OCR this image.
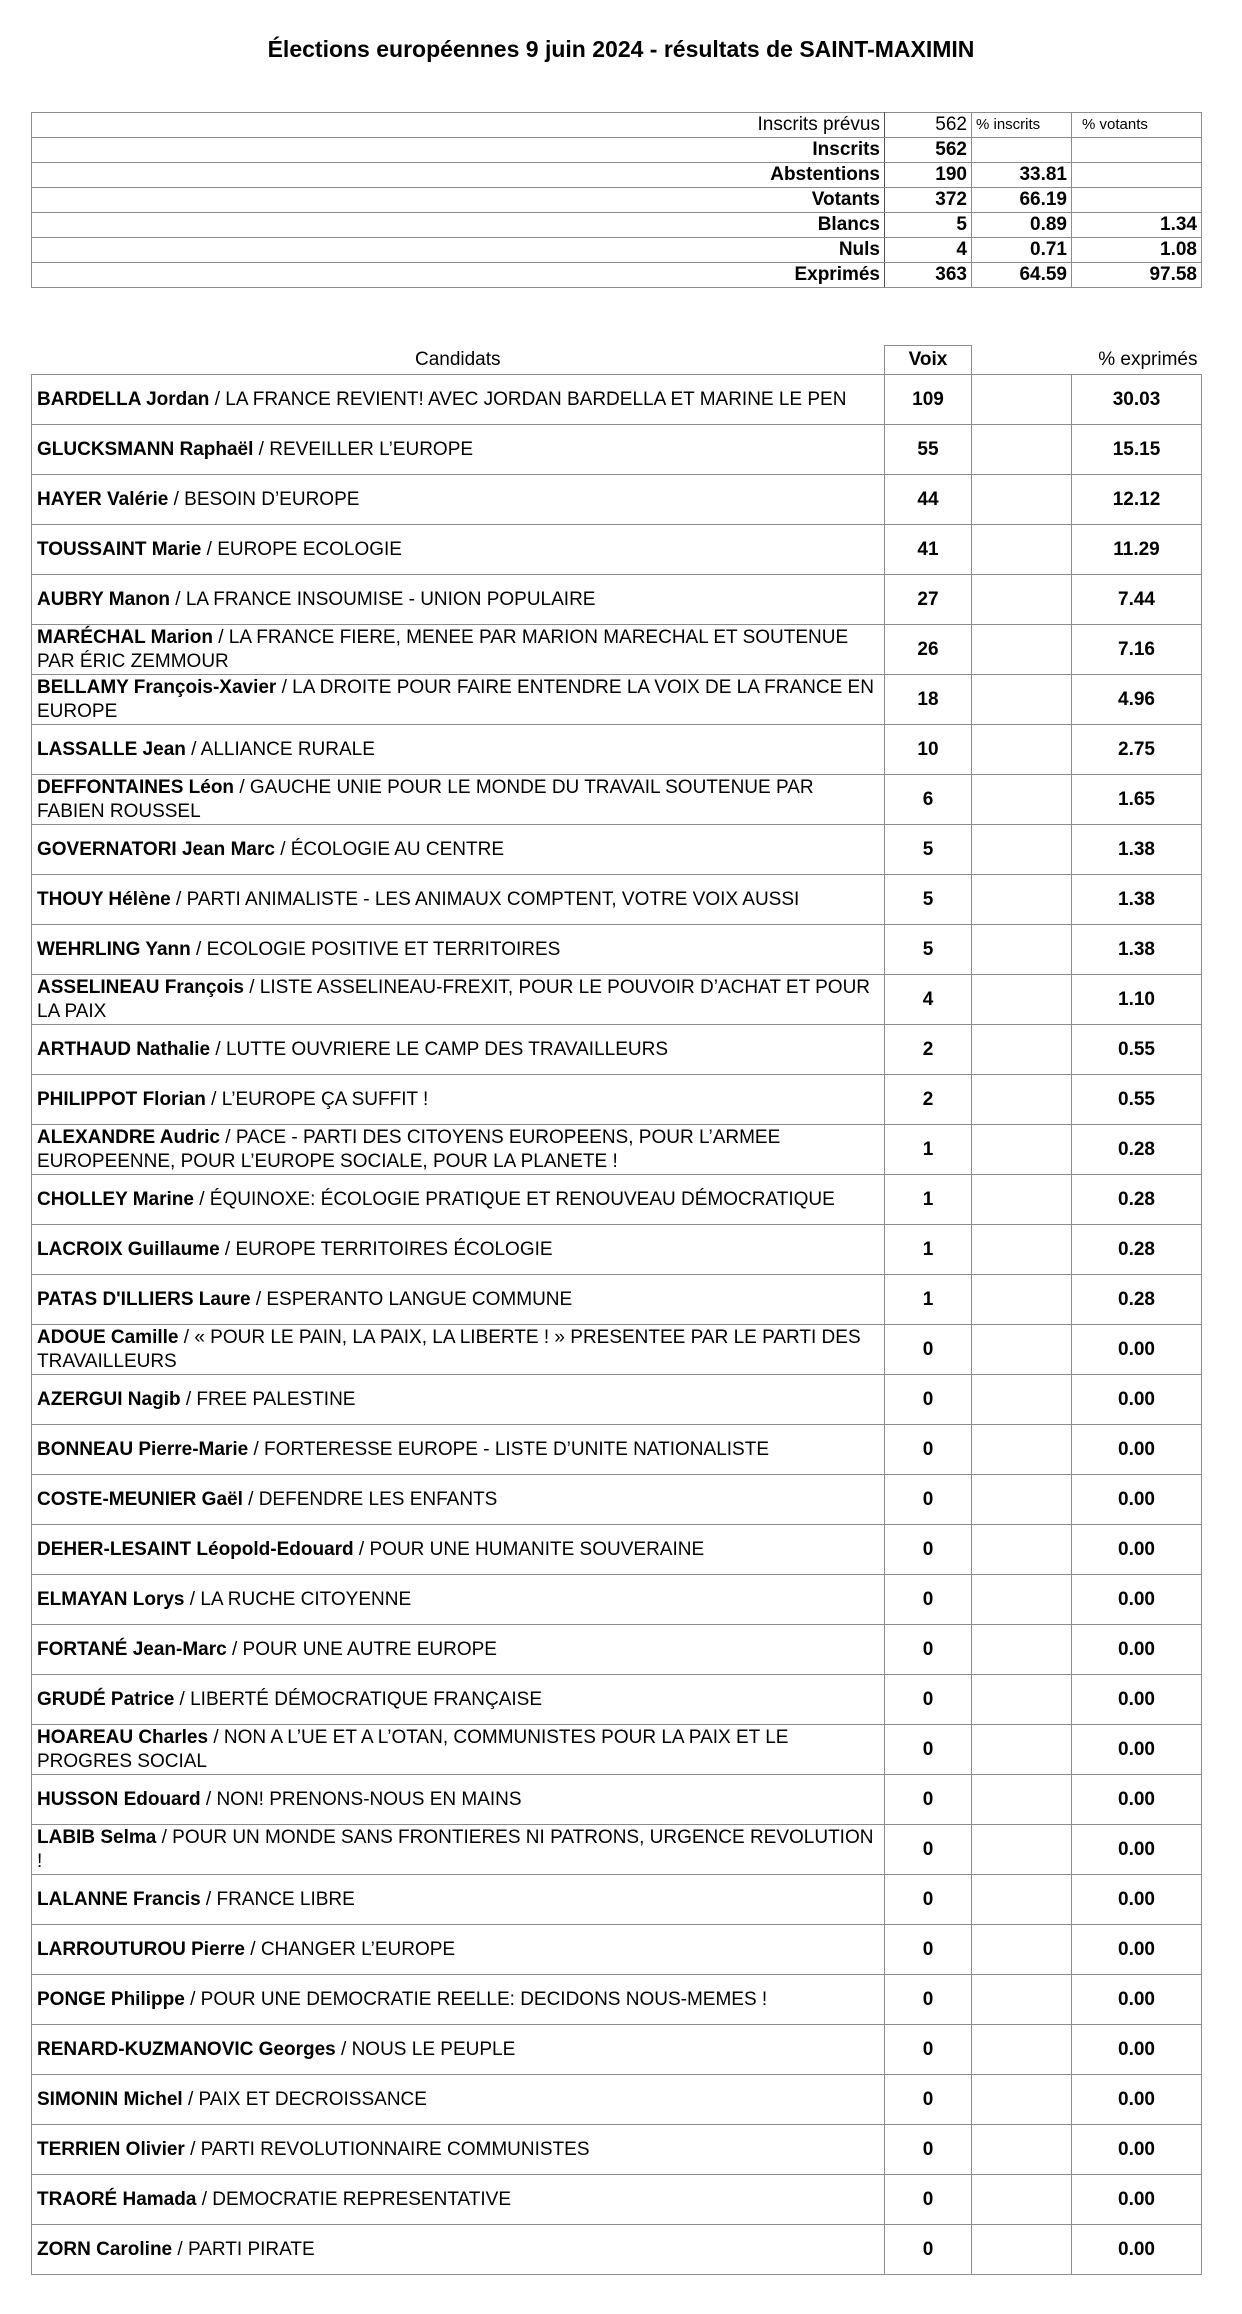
Élections européennes 9 juin 2024 - résultats de SAINT-MAXIMIN
Inscrits prévus	562	% inscrits	% votants
Inscrits	562		
Abstentions	190	33.81	
Votants	372	66.19	
Blancs	5	0.89	1.34
Nuls	4	0.71	1.08
Exprimés	363	64.59	97.58
Candidats	Voix		% exprimés
BARDELLA Jordan / LA FRANCE REVIENT! AVEC JORDAN BARDELLA ET MARINE LE PEN	109		30.03
GLUCKSMANN Raphaël / REVEILLER L’EUROPE	55		15.15
HAYER Valérie / BESOIN D’EUROPE	44		12.12
TOUSSAINT Marie / EUROPE ECOLOGIE	41		11.29
AUBRY Manon / LA FRANCE INSOUMISE - UNION POPULAIRE	27		7.44
MARÉCHAL Marion / LA FRANCE FIERE, MENEE PAR MARION MARECHAL ET SOUTENUE PAR ÉRIC ZEMMOUR	26		7.16
BELLAMY François-Xavier / LA DROITE POUR FAIRE ENTENDRE LA VOIX DE LA FRANCE EN EUROPE	18		4.96
LASSALLE Jean / ALLIANCE RURALE	10		2.75
DEFFONTAINES Léon / GAUCHE UNIE POUR LE MONDE DU TRAVAIL SOUTENUE PAR FABIEN ROUSSEL	6		1.65
GOVERNATORI Jean Marc / ÉCOLOGIE AU CENTRE	5		1.38
THOUY Hélène / PARTI ANIMALISTE - LES ANIMAUX COMPTENT, VOTRE VOIX AUSSI	5		1.38
WEHRLING Yann / ECOLOGIE POSITIVE ET TERRITOIRES	5		1.38
ASSELINEAU François / LISTE ASSELINEAU-FREXIT, POUR LE POUVOIR D’ACHAT ET POUR LA PAIX	4		1.10
ARTHAUD Nathalie / LUTTE OUVRIERE LE CAMP DES TRAVAILLEURS	2		0.55
PHILIPPOT Florian / L’EUROPE ÇA SUFFIT !	2		0.55
ALEXANDRE Audric / PACE - PARTI DES CITOYENS EUROPEENS, POUR L’ARMEE EUROPEENNE, POUR L’EUROPE SOCIALE, POUR LA PLANETE !	1		0.28
CHOLLEY Marine / ÉQUINOXE: ÉCOLOGIE PRATIQUE ET RENOUVEAU DÉMOCRATIQUE	1		0.28
LACROIX Guillaume / EUROPE TERRITOIRES ÉCOLOGIE	1		0.28
PATAS D'ILLIERS Laure / ESPERANTO LANGUE COMMUNE	1		0.28
ADOUE Camille / « POUR LE PAIN, LA PAIX, LA LIBERTE ! » PRESENTEE PAR LE PARTI DES TRAVAILLEURS	0		0.00
AZERGUI Nagib / FREE PALESTINE	0		0.00
BONNEAU Pierre-Marie / FORTERESSE EUROPE - LISTE D’UNITE NATIONALISTE	0		0.00
COSTE-MEUNIER Gaël / DEFENDRE LES ENFANTS	0		0.00
DEHER-LESAINT Léopold-Edouard / POUR UNE HUMANITE SOUVERAINE	0		0.00
ELMAYAN Lorys / LA RUCHE CITOYENNE	0		0.00
FORTANÉ Jean-Marc / POUR UNE AUTRE EUROPE	0		0.00
GRUDÉ Patrice / LIBERTÉ DÉMOCRATIQUE FRANÇAISE	0		0.00
HOAREAU Charles / NON A L’UE ET A L’OTAN, COMMUNISTES POUR LA PAIX ET LE PROGRES SOCIAL	0		0.00
HUSSON Edouard / NON! PRENONS-NOUS EN MAINS	0		0.00
LABIB Selma / POUR UN MONDE SANS FRONTIERES NI PATRONS, URGENCE REVOLUTION !	0		0.00
LALANNE Francis / FRANCE LIBRE	0		0.00
LARROUTUROU Pierre / CHANGER L’EUROPE	0		0.00
PONGE Philippe / POUR UNE DEMOCRATIE REELLE: DECIDONS NOUS-MEMES !	0		0.00
RENARD-KUZMANOVIC Georges / NOUS LE PEUPLE	0		0.00
SIMONIN Michel / PAIX ET DECROISSANCE	0		0.00
TERRIEN Olivier / PARTI REVOLUTIONNAIRE COMMUNISTES	0		0.00
TRAORÉ Hamada / DEMOCRATIE REPRESENTATIVE	0		0.00
ZORN Caroline / PARTI PIRATE	0		0.00
